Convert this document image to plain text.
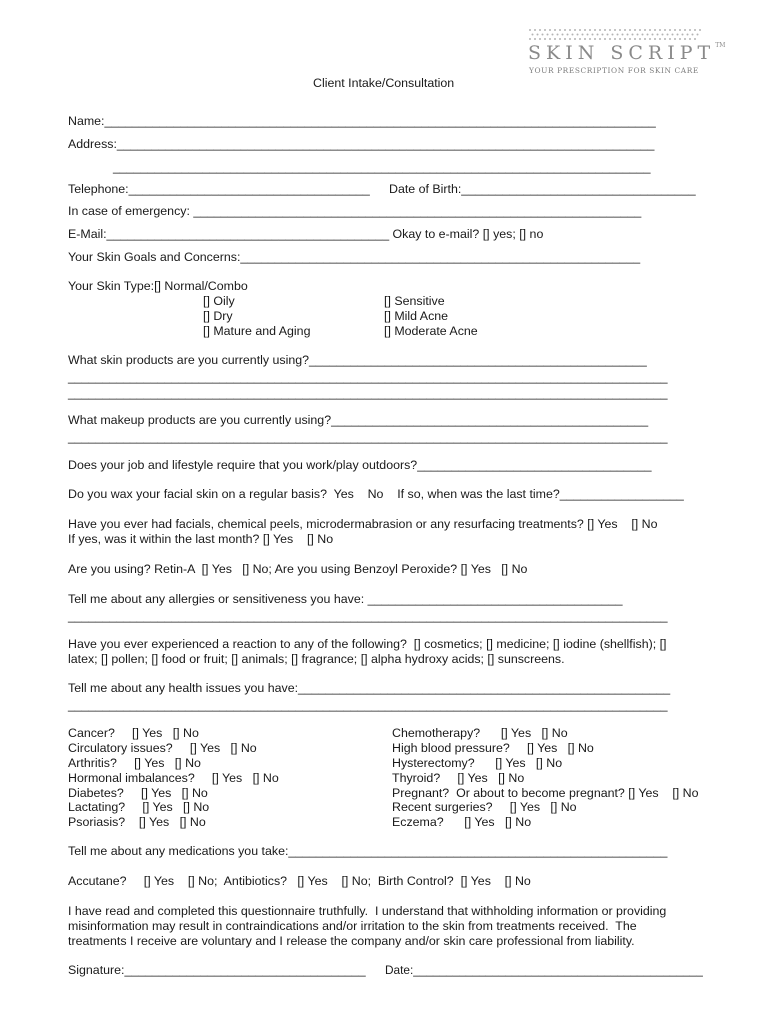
SKIN SCRIPT™
YOUR PRESCRIPTION FOR SKIN CARE
Client Intake/Consultation
Name:________________________________________________________________________________
Address:______________________________________________________________________________
______________________________________________________________________________
Telephone:___________________________________ Date of Birth:__________________________________
In case of emergency: _________________________________________________________________
E-Mail:_________________________________________ Okay to e-mail? [] yes; [] no
Your Skin Goals and Concerns:__________________________________________________________
Your Skin Type:[] Normal/Combo
[] Oily
[] Dry
[] Mature and Aging
[] Sensitive
[] Mild Acne
[] Moderate Acne
What skin products are you currently using?_________________________________________________
_______________________________________________________________________________________
_______________________________________________________________________________________
What makeup products are you currently using?______________________________________________
_______________________________________________________________________________________
Does your job and lifestyle require that you work/play outdoors?__________________________________
Do you wax your facial skin on a regular basis?  Yes    No    If so, when was the last time?__________________
Have you ever had facials, chemical peels, microdermabrasion or any resurfacing treatments? [] Yes    [] No
If yes, was it within the last month? [] Yes    [] No
Are you using? Retin-A  [] Yes   [] No; Are you using Benzoyl Peroxide? [] Yes   [] No
Tell me about any allergies or sensitiveness you have: _____________________________________
_______________________________________________________________________________________
Have you ever experienced a reaction to any of the following?  [] cosmetics; [] medicine; [] iodine (shellfish); []
latex; [] pollen; [] food or fruit; [] animals; [] fragrance; [] alpha hydroxy acids; [] sunscreens.
Tell me about any health issues you have:______________________________________________________
_______________________________________________________________________________________
Cancer?     [] Yes   [] No
Circulatory issues?     [] Yes   [] No
Arthritis?     [] Yes   [] No
Hormonal imbalances?     [] Yes   [] No
Diabetes?     [] Yes   [] No
Lactating?     [] Yes   [] No
Psoriasis?    [] Yes   [] No
Chemotherapy?      [] Yes   [] No
High blood pressure?     [] Yes   [] No
Hysterectomy?      [] Yes   [] No
Thyroid?     [] Yes   [] No
Pregnant?  Or about to become pregnant? [] Yes    [] No
Recent surgeries?     [] Yes   [] No
Eczema?      [] Yes   [] No
Tell me about any medications you take:_______________________________________________________
Accutane?     [] Yes    [] No;  Antibiotics?   [] Yes    [] No;  Birth Control?  [] Yes    [] No
I have read and completed this questionnaire truthfully.  I understand that withholding information or providing
misinformation may result in contraindications and/or irritation to the skin from treatments received.  The
treatments I receive are voluntary and I release the company and/or skin care professional from liability.
Signature:___________________________________ Date:____________________________________________
